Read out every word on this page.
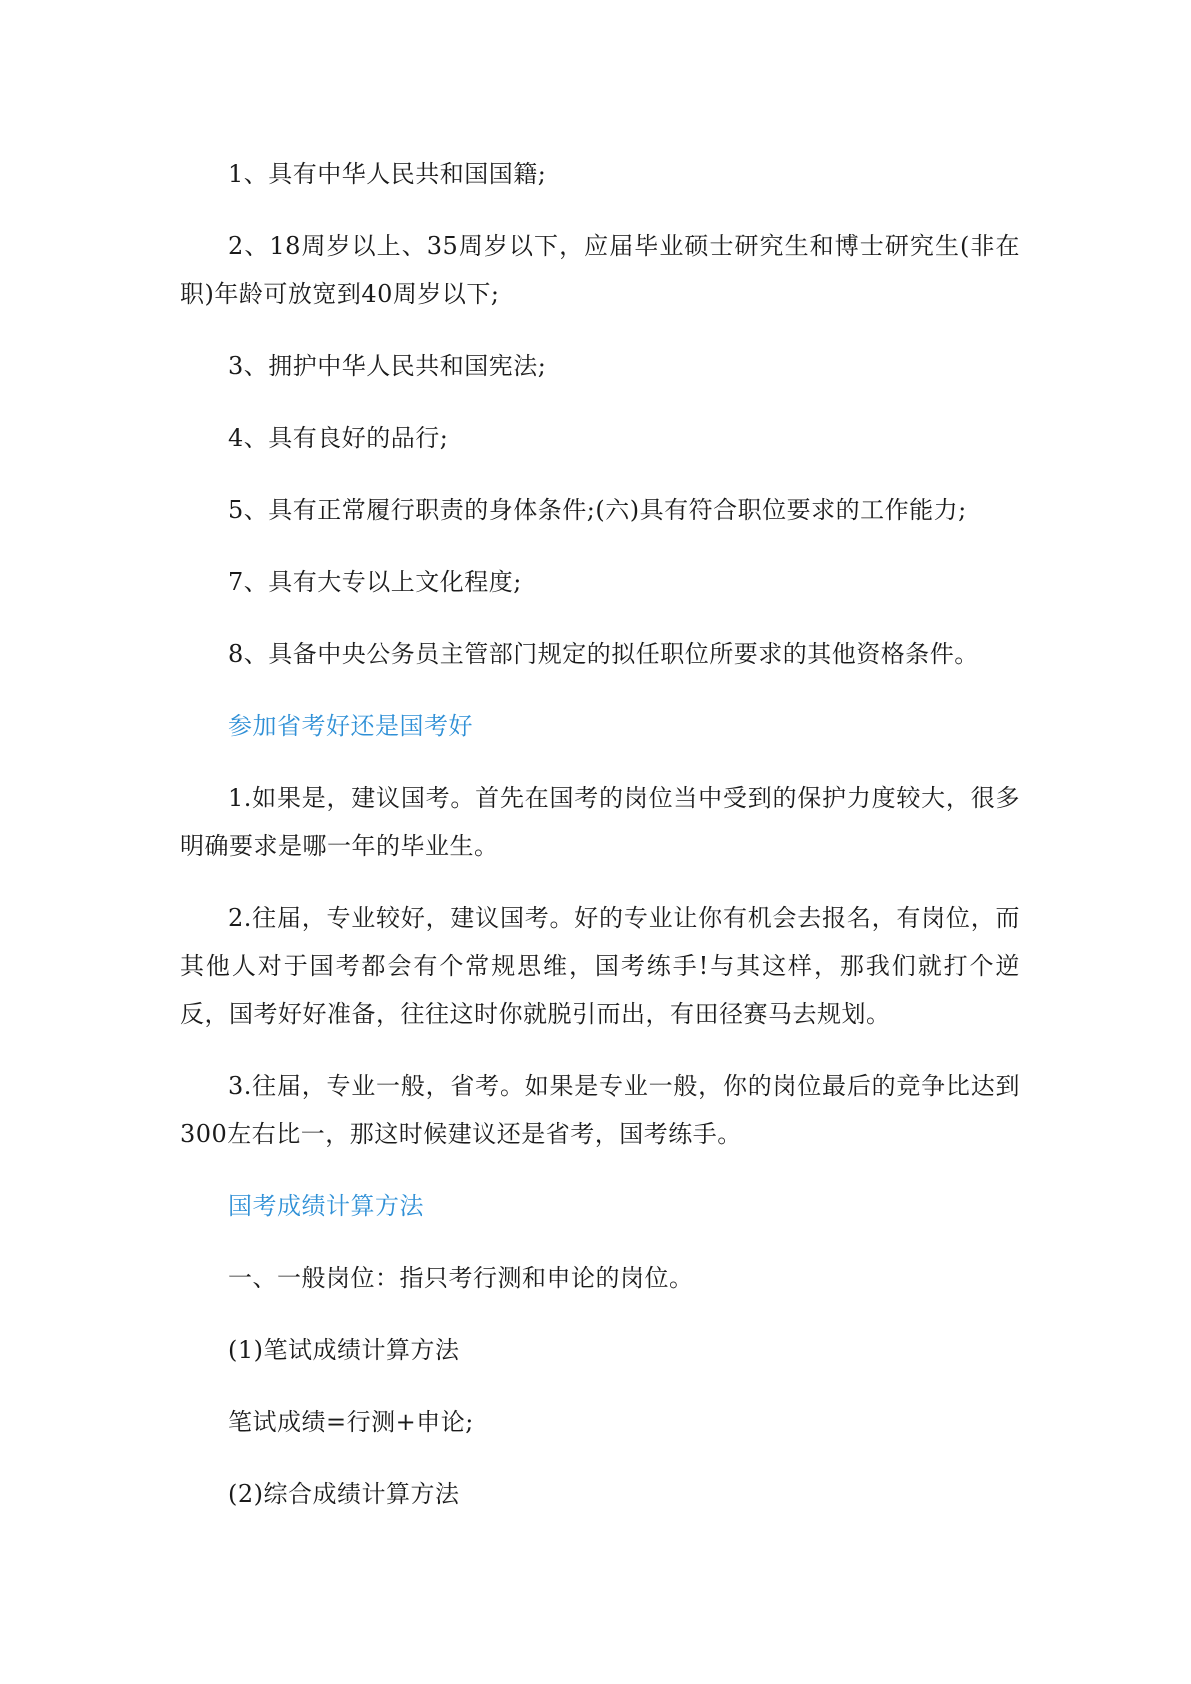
1、具有中华人民共和国国籍;

2、18周岁以上、35周岁以下，应届毕业硕士研究生和博士研究生(非在职)年龄可放宽到40周岁以下;

3、拥护中华人民共和国宪法;

4、具有良好的品行;

5、具有正常履行职责的身体条件;(六)具有符合职位要求的工作能力;

7、具有大专以上文化程度;

8、具备中央公务员主管部门规定的拟任职位所要求的其他资格条件。

参加省考好还是国考好

1.如果是，建议国考。首先在国考的岗位当中受到的保护力度较大，很多明确要求是哪一年的毕业生。

2.往届，专业较好，建议国考。好的专业让你有机会去报名，有岗位，而其他人对于国考都会有个常规思维，国考练手!与其这样，那我们就打个逆反，国考好好准备，往往这时你就脱引而出，有田径赛马去规划。

3.往届，专业一般，省考。如果是专业一般，你的岗位最后的竞争比达到300左右比一，那这时候建议还是省考，国考练手。

国考成绩计算方法

一、一般岗位：指只考行测和申论的岗位。

(1)笔试成绩计算方法

笔试成绩=行测+申论;

(2)综合成绩计算方法
